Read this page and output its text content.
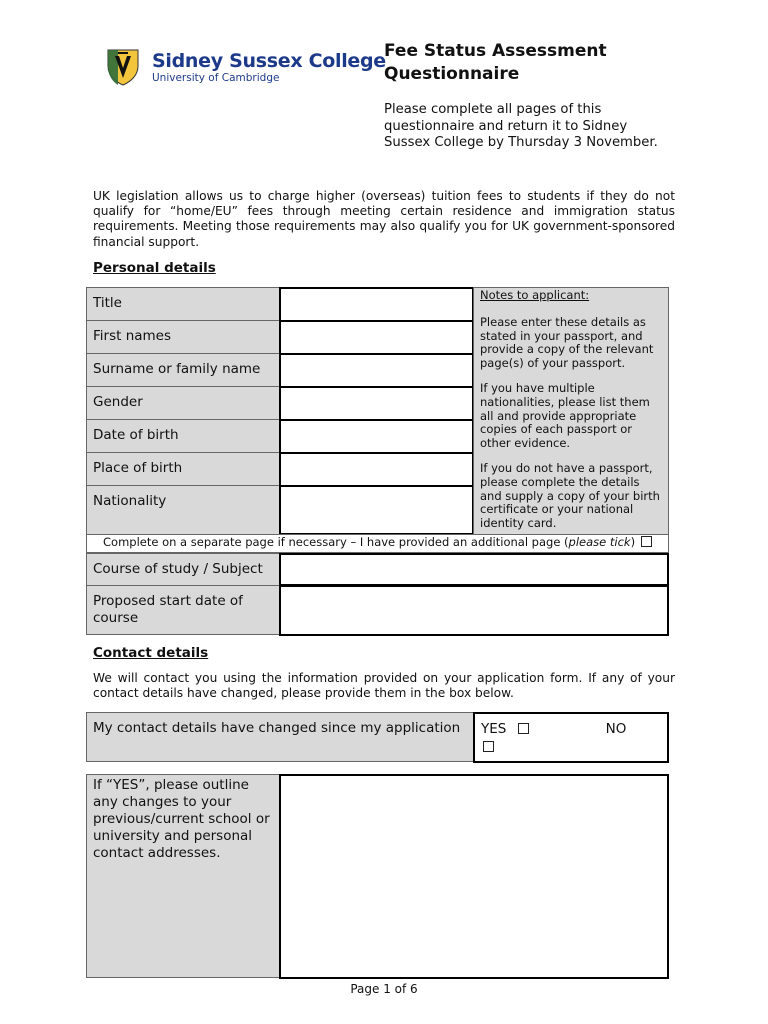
Sidney Sussex College
University of Cambridge
Fee Status Assessment
Questionnaire
Please complete all pages of this questionnaire and return it to Sidney Sussex College by Thursday 3 November.
UK legislation allows us to charge higher (overseas) tuition fees to students if they do not qualify for “home/EU” fees through meeting certain residence and immigration status requirements. Meeting those requirements may also qualify you for UK government-sponsored financial support.
Personal details
Title
First names
Surname or family name
Gender
Date of birth
Place of birth
Nationality

Notes to applicant:

Please enter these details as stated in your passport, and provide a copy of the relevant page(s) of your passport.

If you have multiple nationalities, please list them all and provide appropriate copies of each passport or other evidence.

If you do not have a passport, please complete the details and supply a copy of your birth certificate or your national identity card.

Complete on a separate page if necessary – I have provided an additional page (please tick)
Course of study / Subject
Proposed start date of course
Contact details
We will contact you using the information provided on your application form. If any of your contact details have changed, please provide them in the box below.
My contact details have changed since my application	YES	NO

If “YES”, please outline any changes to your previous/current school or university and personal contact addresses.
Page 1 of 6
